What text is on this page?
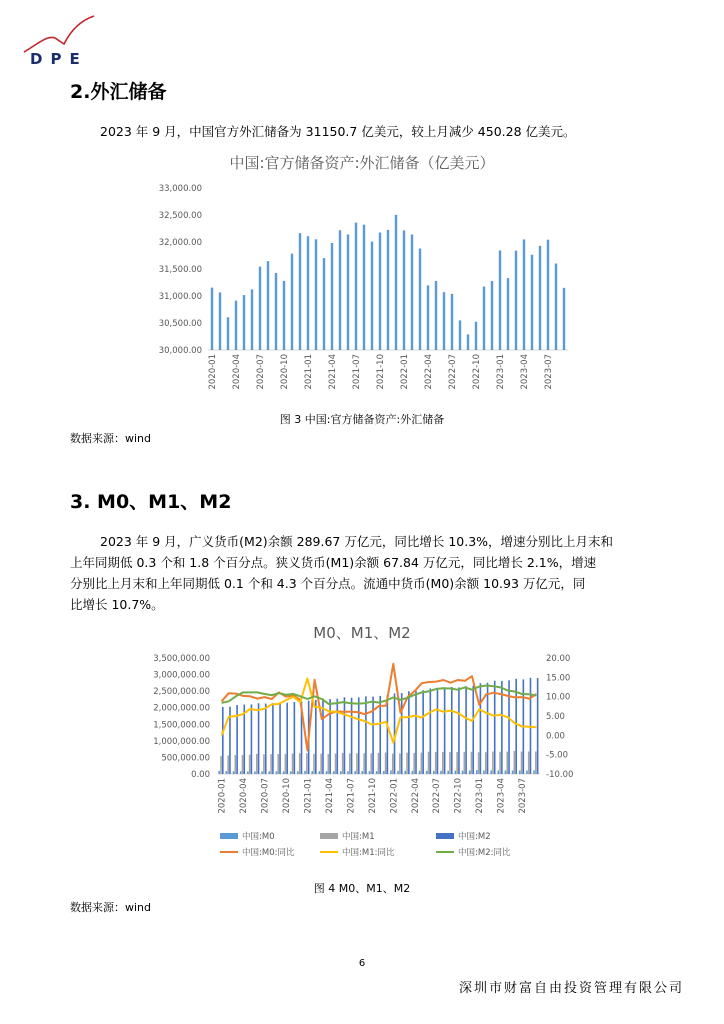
DPE
2.外汇储备
2023 年 9 月，中国官方外汇储备为 31150.7 亿美元，较上月减少 450.28 亿美元。
中国:官方储备资产:外汇储备（亿美元）
30,000.00
30,500.00
31,000.00
31,500.00
32,000.00
32,500.00
33,000.00
2020-01 2020-04 2020-07 2020-10 2021-01 2021-04 2021-07 2021-10 2022-01 2022-04 2022-07 2022-10 2023-01 2023-04 2023-07
图 3 中国:官方储备资产:外汇储备
数据来源：wind
3. M0、M1、M2
2023 年 9 月，广义货币(M2)余额 289.67 万亿元，同比增长 10.3%，增速分别比上月末和
上年同期低 0.3 个和 1.8 个百分点。狭义货币(M1)余额 67.84 万亿元，同比增长 2.1%，增速
分别比上月末和上年同期低 0.1 个和 4.3 个百分点。流通中货币(M0)余额 10.93 万亿元，同
比增长 10.7%。
M0、M1、M2
0.00
500,000.00
1,000,000.00
1,500,000.00
2,000,000.00
2,500,000.00
3,000,000.00
3,500,000.00
-10.00
-5.00
0.00
5.00
10.00
15.00
20.00
2020-01 2020-04 2020-07 2020-10 2021-01 2021-04 2021-07 2021-10 2022-01 2022-04 2022-07 2022-10 2023-01 2023-04 2023-07
中国:M0	中国:M1	中国:M2
中国:M0:同比	中国:M1:同比	中国:M2:同比
图 4 M0、M1、M2
数据来源：wind
6
深圳市财富自由投资管理有限公司
